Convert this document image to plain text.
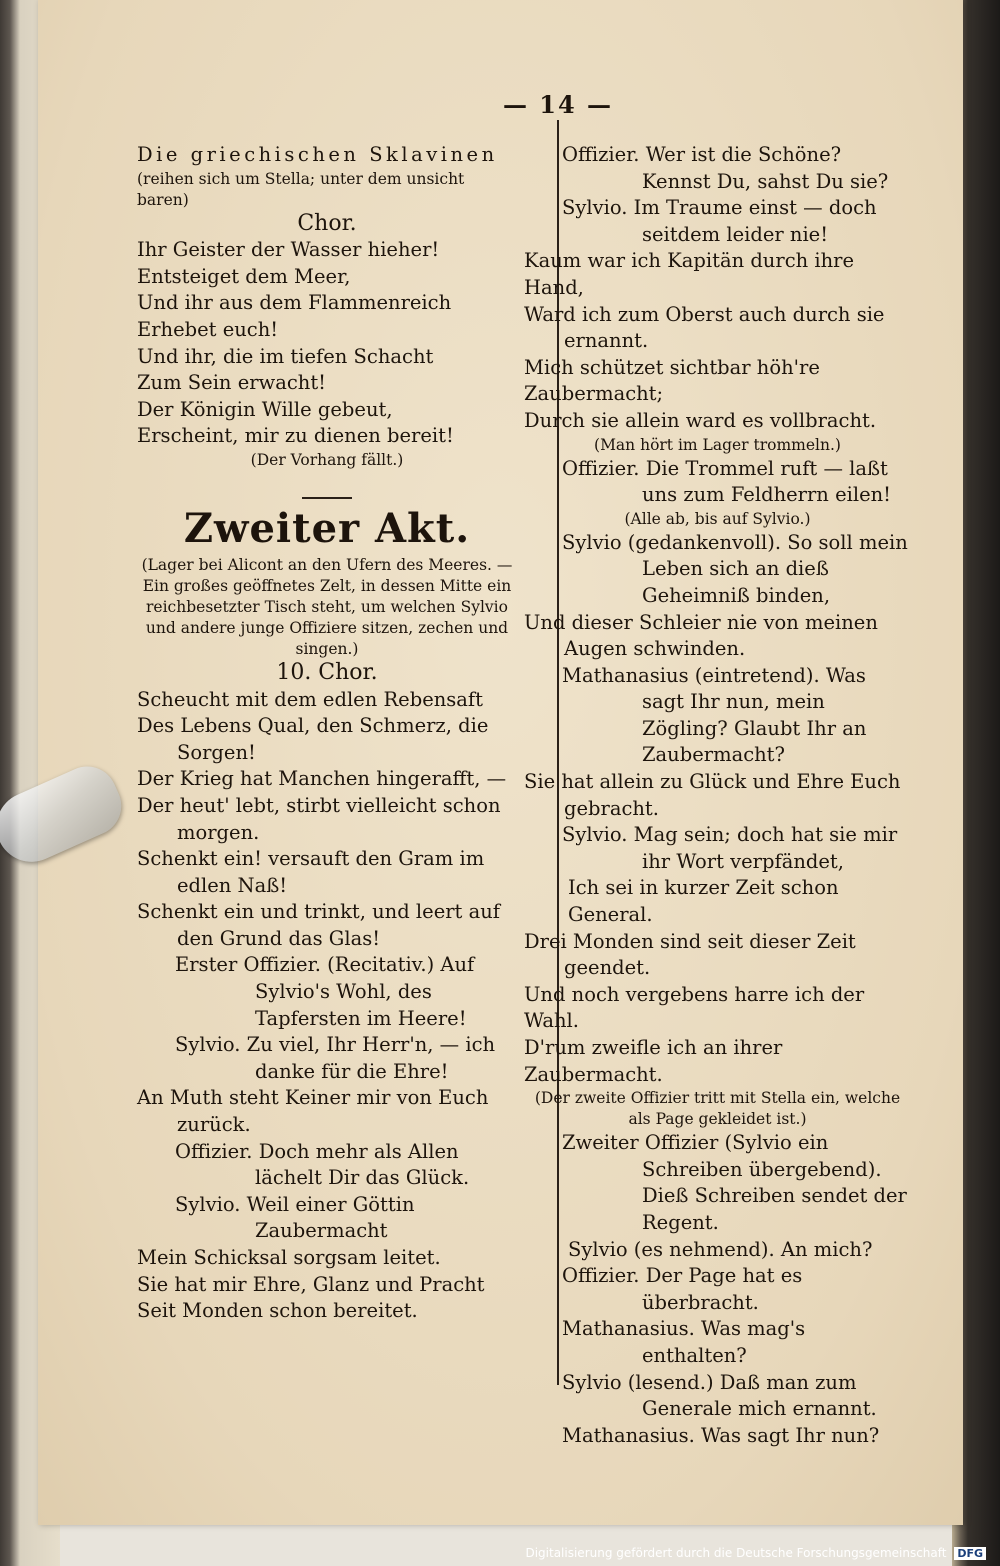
— 14 —

Die griechischen Sklavinen

(reihen sich um Stella; unter dem unsicht baren)

Chor.

Ihr Geister der Wasser hieher!

Entsteiget dem Meer,

Und ihr aus dem Flammenreich

Erhebet euch!

Und ihr, die im tiefen Schacht

Zum Sein erwacht!

Der Königin Wille gebeut,

Erscheint, mir zu dienen bereit!

(Der Vorhang fällt.)

Zweiter Akt.

(Lager bei Alicont an den Ufern des Meeres. — Ein großes geöffnetes Zelt, in dessen Mitte ein reichbesetzter Tisch steht, um welchen Sylvio und andere junge Offiziere sitzen, zechen und singen.)

10. Chor.

Scheucht mit dem edlen Rebensaft

Des Lebens Qual, den Schmerz, die Sorgen!

Der Krieg hat Manchen hingerafft, —

Der heut' lebt, stirbt vielleicht schon morgen.

Schenkt ein! versauft den Gram im edlen Naß!

Schenkt ein und trinkt, und leert auf den Grund das Glas!

Erster Offizier. (Recitativ.) Auf Sylvio's Wohl, des Tapfersten im Heere!

Sylvio. Zu viel, Ihr Herr'n, — ich danke für die Ehre!

An Muth steht Keiner mir von Euch zurück.

Offizier. Doch mehr als Allen lächelt Dir das Glück.

Sylvio. Weil einer Göttin Zaubermacht

Mein Schicksal sorgsam leitet.

Sie hat mir Ehre, Glanz und Pracht

Seit Monden schon bereitet.

Offizier. Wer ist die Schöne? Kennst Du, sahst Du sie?

Sylvio. Im Traume einst — doch seitdem leider nie!

Kaum war ich Kapitän durch ihre Hand,

Ward ich zum Oberst auch durch sie ernannt.

Mich schützet sichtbar höh're Zaubermacht;

Durch sie allein ward es vollbracht.

(Man hört im Lager trommeln.)

Offizier. Die Trommel ruft — laßt uns zum Feldherrn eilen!

(Alle ab, bis auf Sylvio.)

Sylvio (gedankenvoll). So soll mein Leben sich an dieß Geheimniß binden,

Und dieser Schleier nie von meinen Augen schwinden.

Mathanasius (eintretend). Was sagt Ihr nun, mein Zögling? Glaubt Ihr an Zaubermacht?

Sie hat allein zu Glück und Ehre Euch gebracht.

Sylvio. Mag sein; doch hat sie mir ihr Wort verpfändet,

Ich sei in kurzer Zeit schon General.

Drei Monden sind seit dieser Zeit geendet.

Und noch vergebens harre ich der Wahl.

D'rum zweifle ich an ihrer Zaubermacht.

(Der zweite Offizier tritt mit Stella ein, welche als Page gekleidet ist.)

Zweiter Offizier (Sylvio ein Schreiben übergebend). Dieß Schreiben sendet der Regent.

Sylvio (es nehmend). An mich?

Offizier. Der Page hat es überbracht.

Mathanasius. Was mag's enthalten?

Sylvio (lesend.) Daß man zum Generale mich ernannt.

Mathanasius. Was sagt Ihr nun?

Digitalisierung gefördert durch die Deutsche Forschungsgemeinschaft DFG
